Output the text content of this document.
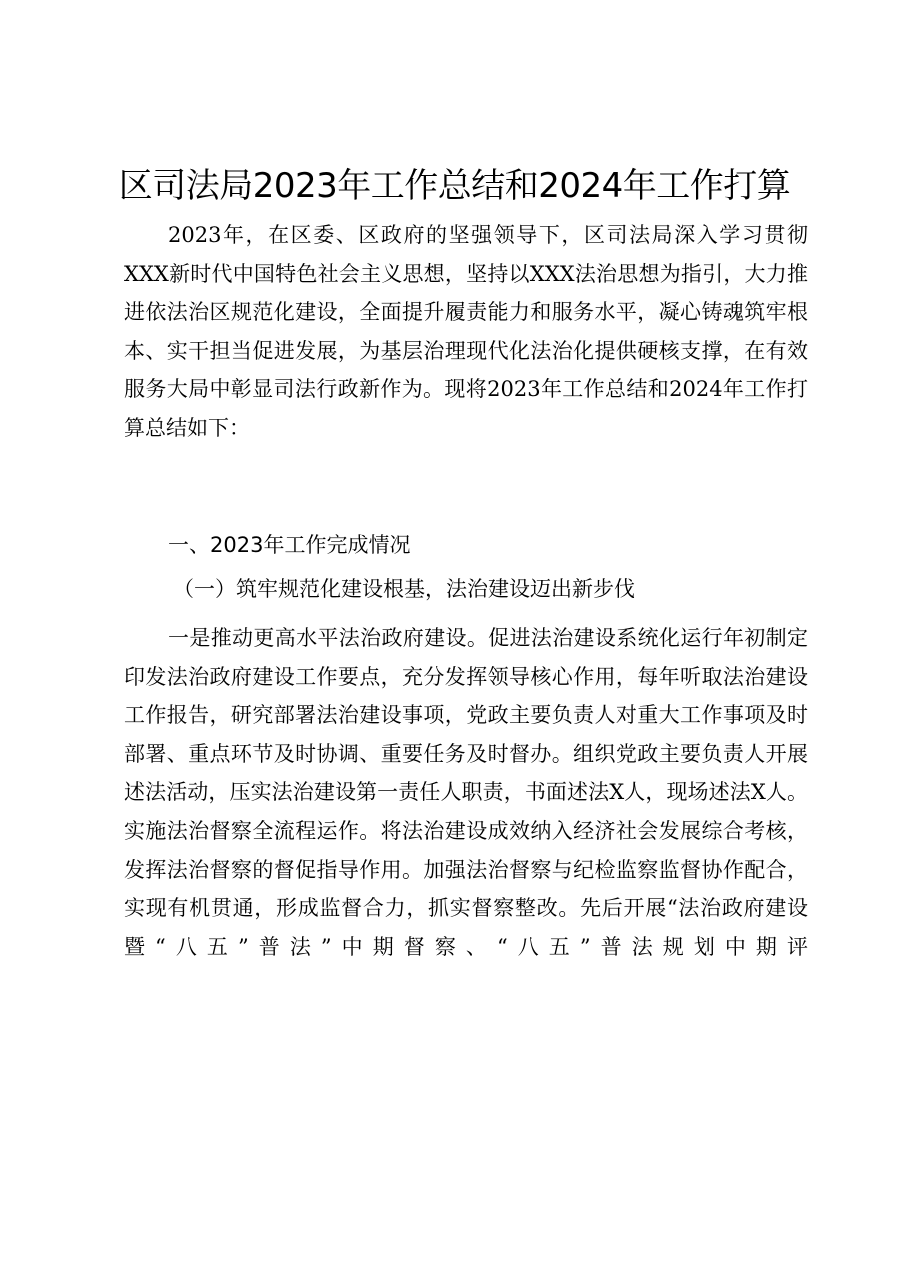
区司法局2023年工作总结和2024年工作打算

2023年，在区委、区政府的坚强领导下，区司法局深入学习贯彻XXX新时代中国特色社会主义思想，坚持以XXX法治思想为指引，大力推进依法治区规范化建设，全面提升履责能力和服务水平，凝心铸魂筑牢根本、实干担当促进发展，为基层治理现代化法治化提供硬核支撑，在有效服务大局中彰显司法行政新作为。现将2023年工作总结和2024年工作打算总结如下：

一、2023年工作完成情况
（一）筑牢规范化建设根基，法治建设迈出新步伐

一是推动更高水平法治政府建设。促进法治建设系统化运行年初制定印发法治政府建设工作要点，充分发挥领导核心作用，每年听取法治建设工作报告，研究部署法治建设事项，党政主要负责人对重大工作事项及时部署、重点环节及时协调、重要任务及时督办。组织党政主要负责人开展述法活动，压实法治建设第一责任人职责，书面述法X人，现场述法X人。实施法治督察全流程运作。将法治建设成效纳入经济社会发展综合考核，发挥法治督察的督促指导作用。加强法治督察与纪检监察监督协作配合，实现有机贯通，形成监督合力，抓实督察整改。先后开展“法治政府建设暨“八五”普法”中期督察、“八五”普法规划中期评
